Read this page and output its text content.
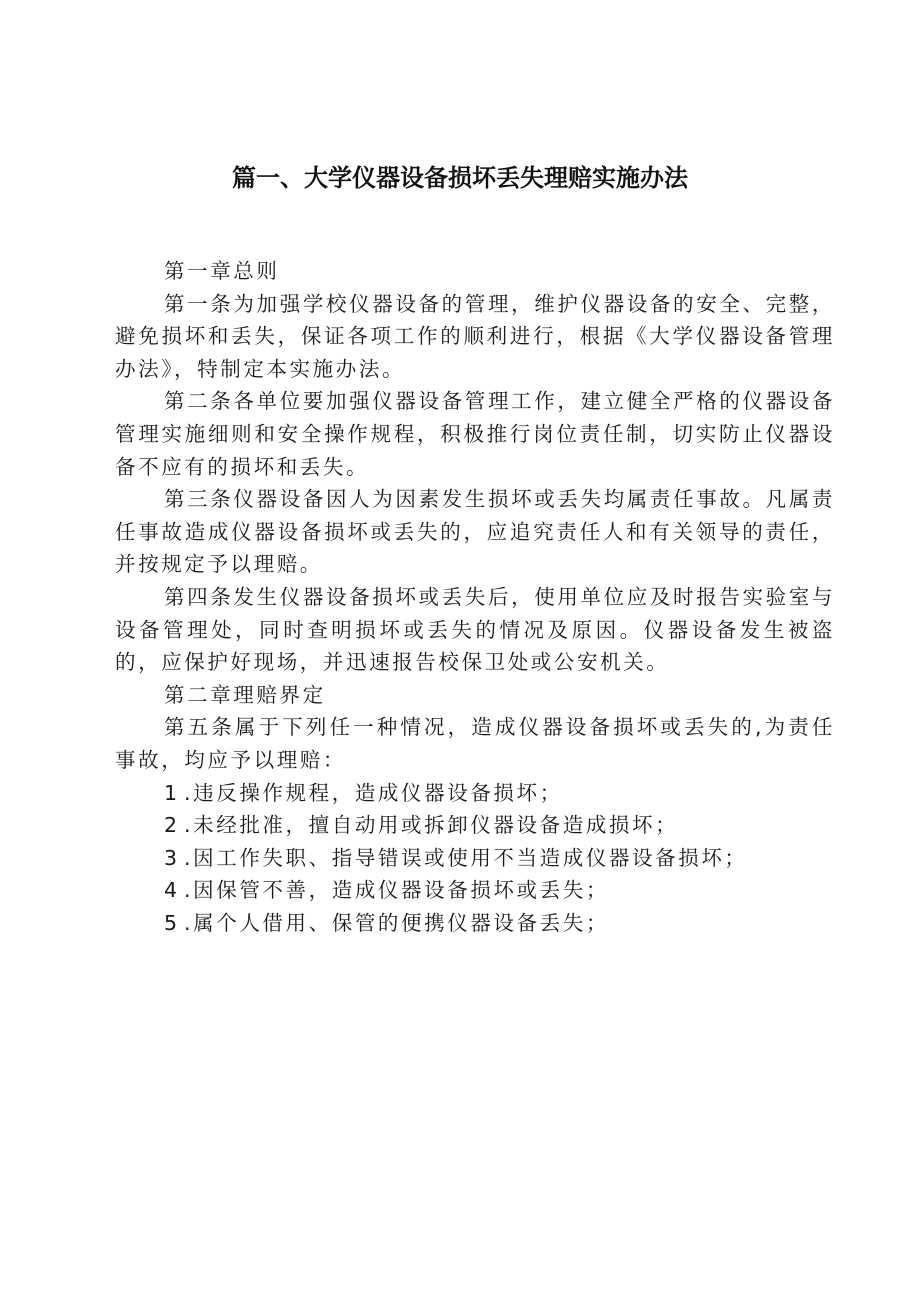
篇一、大学仪器设备损坏丢失理赔实施办法

第一章总则

第一条为加强学校仪器设备的管理，维护仪器设备的安全、完整，避免损坏和丢失，保证各项工作的顺利进行，根据《大学仪器设备管理办法》，特制定本实施办法。

第二条各单位要加强仪器设备管理工作，建立健全严格的仪器设备管理实施细则和安全操作规程，积极推行岗位责任制，切实防止仪器设备不应有的损坏和丢失。

第三条仪器设备因人为因素发生损坏或丢失均属责任事故。凡属责任事故造成仪器设备损坏或丢失的，应追究责任人和有关领导的责任，并按规定予以理赔。

第四条发生仪器设备损坏或丢失后，使用单位应及时报告实验室与设备管理处，同时查明损坏或丢失的情况及原因。仪器设备发生被盗的，应保护好现场，并迅速报告校保卫处或公安机关。

第二章理赔界定

第五条属于下列任一种情况，造成仪器设备损坏或丢失的,为责任事故，均应予以理赔：

1 .违反操作规程，造成仪器设备损坏；

2 .未经批准，擅自动用或拆卸仪器设备造成损坏；

3 .因工作失职、指导错误或使用不当造成仪器设备损坏；

4 .因保管不善，造成仪器设备损坏或丢失；

5 .属个人借用、保管的便携仪器设备丢失；
